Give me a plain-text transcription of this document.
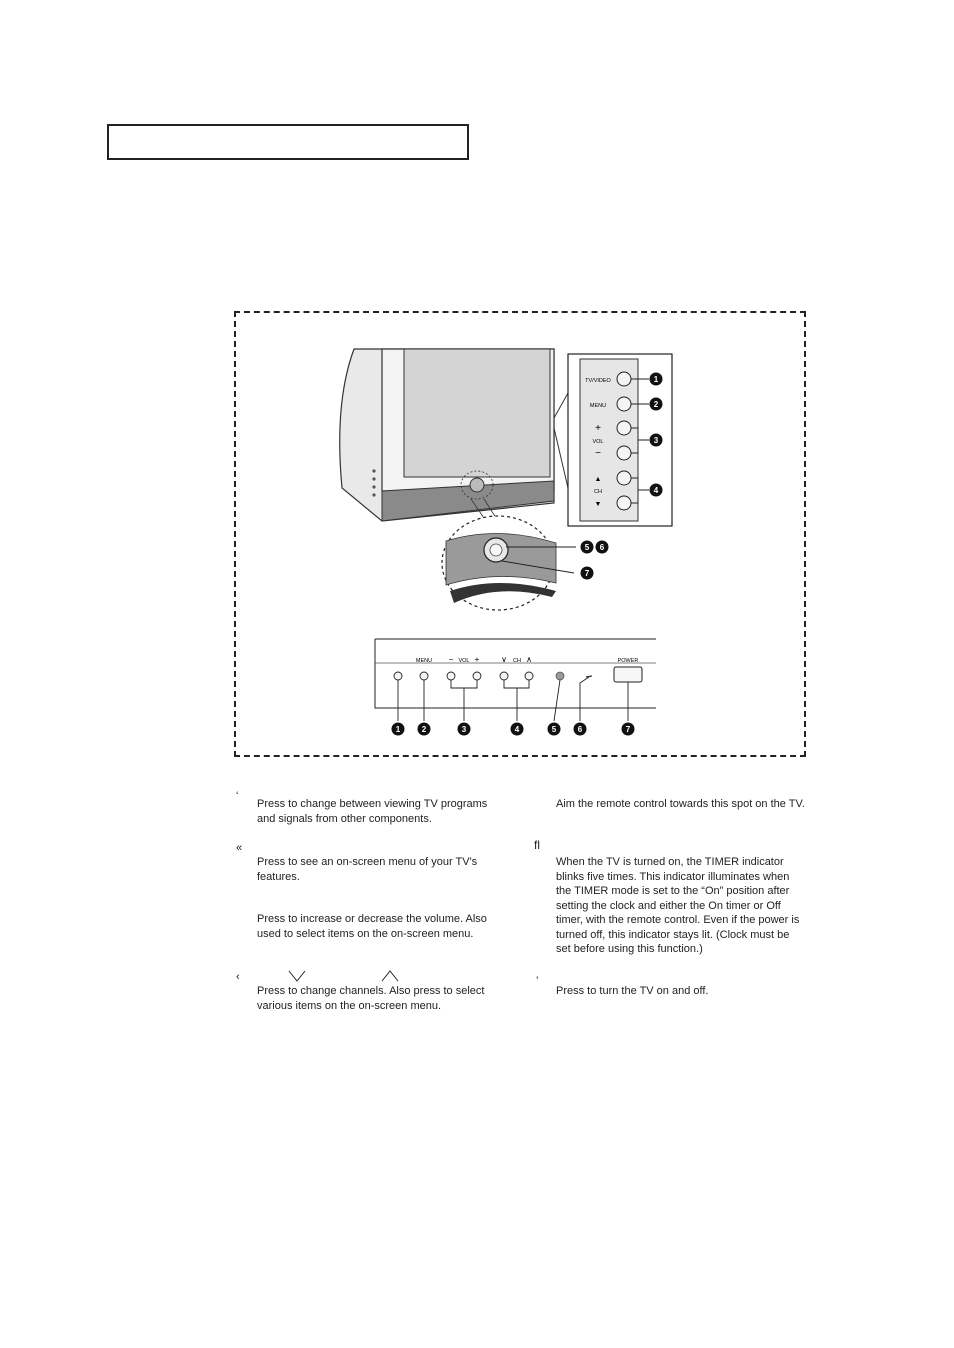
TV/VIDEO
MENU
+
VOL
−
▲
CH
▼
1
2
3
4
5 6
7
MENU − VOL +	∨ CH ∧	POWER
1	2	3	4	5	6	7
‘

Press to change between viewing TV programs and signals from other components.

«

Press to see an on-screen menu of your TV's features.

Press to increase or decrease the volume. Also used to select items on the on-screen menu.

‹

Press to change channels. Also press to select various items on the on-screen menu.

Aim the remote control towards this spot on the TV.

ﬂ

When the TV is turned on, the TIMER indicator blinks five times. This indicator illuminates when the TIMER mode is set to the “On” position after setting the clock and either the On timer or Off timer, with the remote control. Even if the power is turned off, this indicator stays lit. (Clock must be set before using this function.)

’

Press to turn the TV on and off.
